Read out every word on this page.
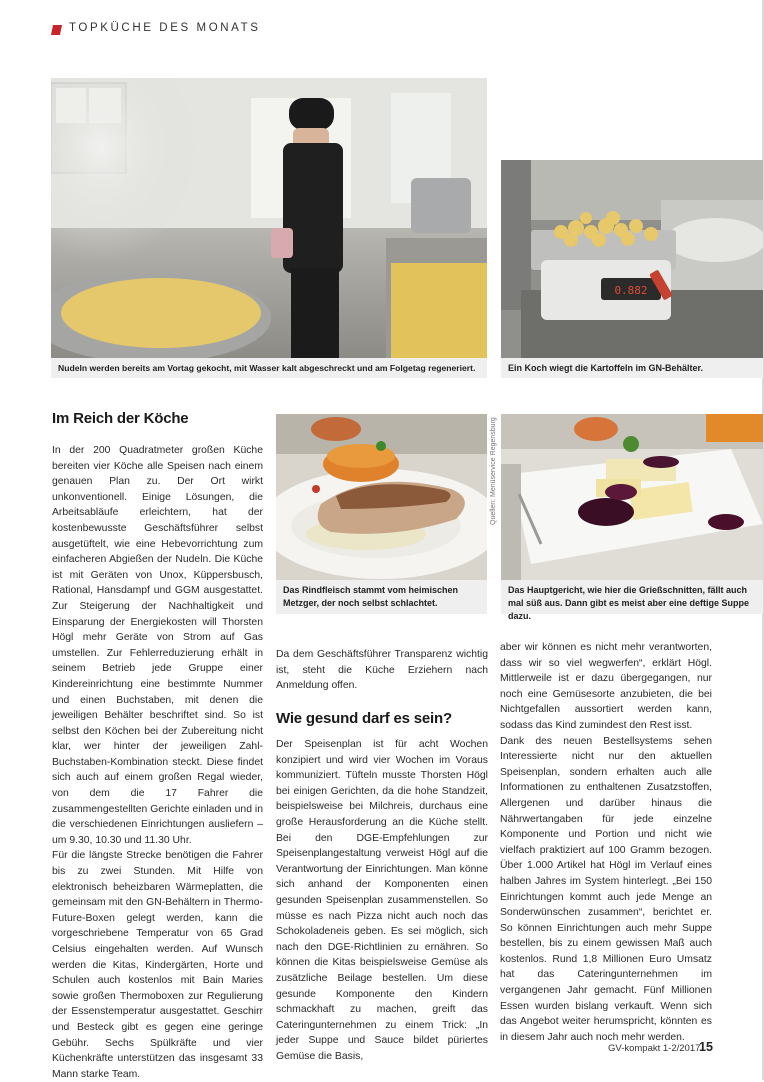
TOPKÜCHE DES MONATS
Nudeln werden bereits am Vortag gekocht, mit Wasser kalt abgeschreckt und am Folgetag regeneriert.
0.882
Ein Koch wiegt die Kartoffeln im GN-Behälter.
Im Reich der Köche

In der 200 Quadratmeter großen Küche bereiten vier Köche alle Speisen nach einem genauen Plan zu. Der Ort wirkt unkonventionell. Einige Lösungen, die Arbeitsabläufe erleichtern, hat der kostenbewusste Geschäftsführer selbst ausgetüftelt, wie eine Hebevorrichtung zum einfacheren Abgießen der Nudeln. Die Küche ist mit Geräten von Unox, Küppersbusch, Rational, Hansdampf und GGM ausgestattet. Zur Steigerung der Nachhaltigkeit und Einsparung der Energiekosten will Thorsten Högl mehr Geräte von Strom auf Gas umstellen. Zur Fehlerreduzierung erhält in seinem Betrieb jede Gruppe einer Kindereinrichtung eine bestimmte Nummer und einen Buchstaben, mit denen die jeweiligen Behälter beschriftet sind. So ist selbst den Köchen bei der Zubereitung nicht klar, wer hinter der jeweiligen Zahl-Buchstaben-Kombination steckt. Diese findet sich auch auf einem großen Regal wieder, von dem die 17 Fahrer die zusammengestellten Gerichte einladen und in die verschiedenen Einrichtungen ausliefern – um 9.30, 10.30 und 11.30 Uhr.

Für die längste Strecke benötigen die Fahrer bis zu zwei Stunden. Mit Hilfe von elektronisch beheizbaren Wärmeplatten, die gemeinsam mit den GN-Behältern in Thermo-Future-Boxen gelegt werden, kann die vorgeschriebene Temperatur von 65 Grad Celsius eingehalten werden. Auf Wunsch werden die Kitas, Kindergärten, Horte und Schulen auch kostenlos mit Bain Maries sowie großen Thermoboxen zur Regulierung der Essenstemperatur ausgestattet. Geschirr und Besteck gibt es gegen eine geringe Gebühr. Sechs Spülkräfte und vier Küchenkräfte unterstützen das insgesamt 33 Mann starke Team.

Das Rindfleisch stammt vom heimischen Metzger, der noch selbst schlachtet.
Quellen: Menüservice Regensburg
Das Hauptgericht, wie hier die Grießschnitten, fällt auch mal süß aus. Dann gibt es meist aber eine deftige Suppe dazu.

Da dem Geschäftsführer Transparenz wichtig ist, steht die Küche Erziehern nach Anmeldung offen.

Wie gesund darf es sein?

Der Speisenplan ist für acht Wochen konzipiert und wird vier Wochen im Voraus kommuniziert. Tüfteln musste Thorsten Högl bei einigen Gerichten, da die hohe Standzeit, beispielsweise bei Milchreis, durchaus eine große Herausforderung an die Küche stellt. Bei den DGE-Empfehlungen zur Speisenplangestaltung verweist Högl auf die Verantwortung der Einrichtungen. Man könne sich anhand der Komponenten einen gesunden Speisenplan zusammenstellen. So müsse es nach Pizza nicht auch noch das Schokoladeneis geben. Es sei möglich, sich nach den DGE-Richtlinien zu ernähren. So können die Kitas beispielsweise Gemüse als zusätzliche Beilage bestellen. Um diese gesunde Komponente den Kindern schmackhaft zu machen, greift das Cateringunternehmen zu einem Trick: „In jeder Suppe und Sauce bildet püriertes Gemüse die Basis,

aber wir können es nicht mehr verantworten, dass wir so viel wegwerfen“, erklärt Högl. Mittlerweile ist er dazu übergegangen, nur noch eine Gemüsesorte anzubieten, die bei Nichtgefallen aussortiert werden kann, sodass das Kind zumindest den Rest isst.

Dank des neuen Bestellsystems sehen Interessierte nicht nur den aktuellen Speisenplan, sondern erhalten auch alle Informationen zu enthaltenen Zusatzstoffen, Allergenen und darüber hinaus die Nährwertangaben für jede einzelne Komponente und Portion und nicht wie vielfach praktiziert auf 100 Gramm bezogen. Über 1.000 Artikel hat Högl im Verlauf eines halben Jahres im System hinterlegt. „Bei 150 Einrichtungen kommt auch jede Menge an Sonderwünschen zusammen“, berichtet er. So können Einrichtungen auch mehr Suppe bestellen, bis zu einem gewissen Maß auch kostenlos. Rund 1,8 Millionen Euro Umsatz hat das Cateringunternehmen im vergangenen Jahr gemacht. Fünf Millionen Essen wurden bislang verkauft. Wenn sich das Angebot weiter herumspricht, könnten es in diesem Jahr auch noch mehr werden.

GV-kompakt 1-2/2017
15
